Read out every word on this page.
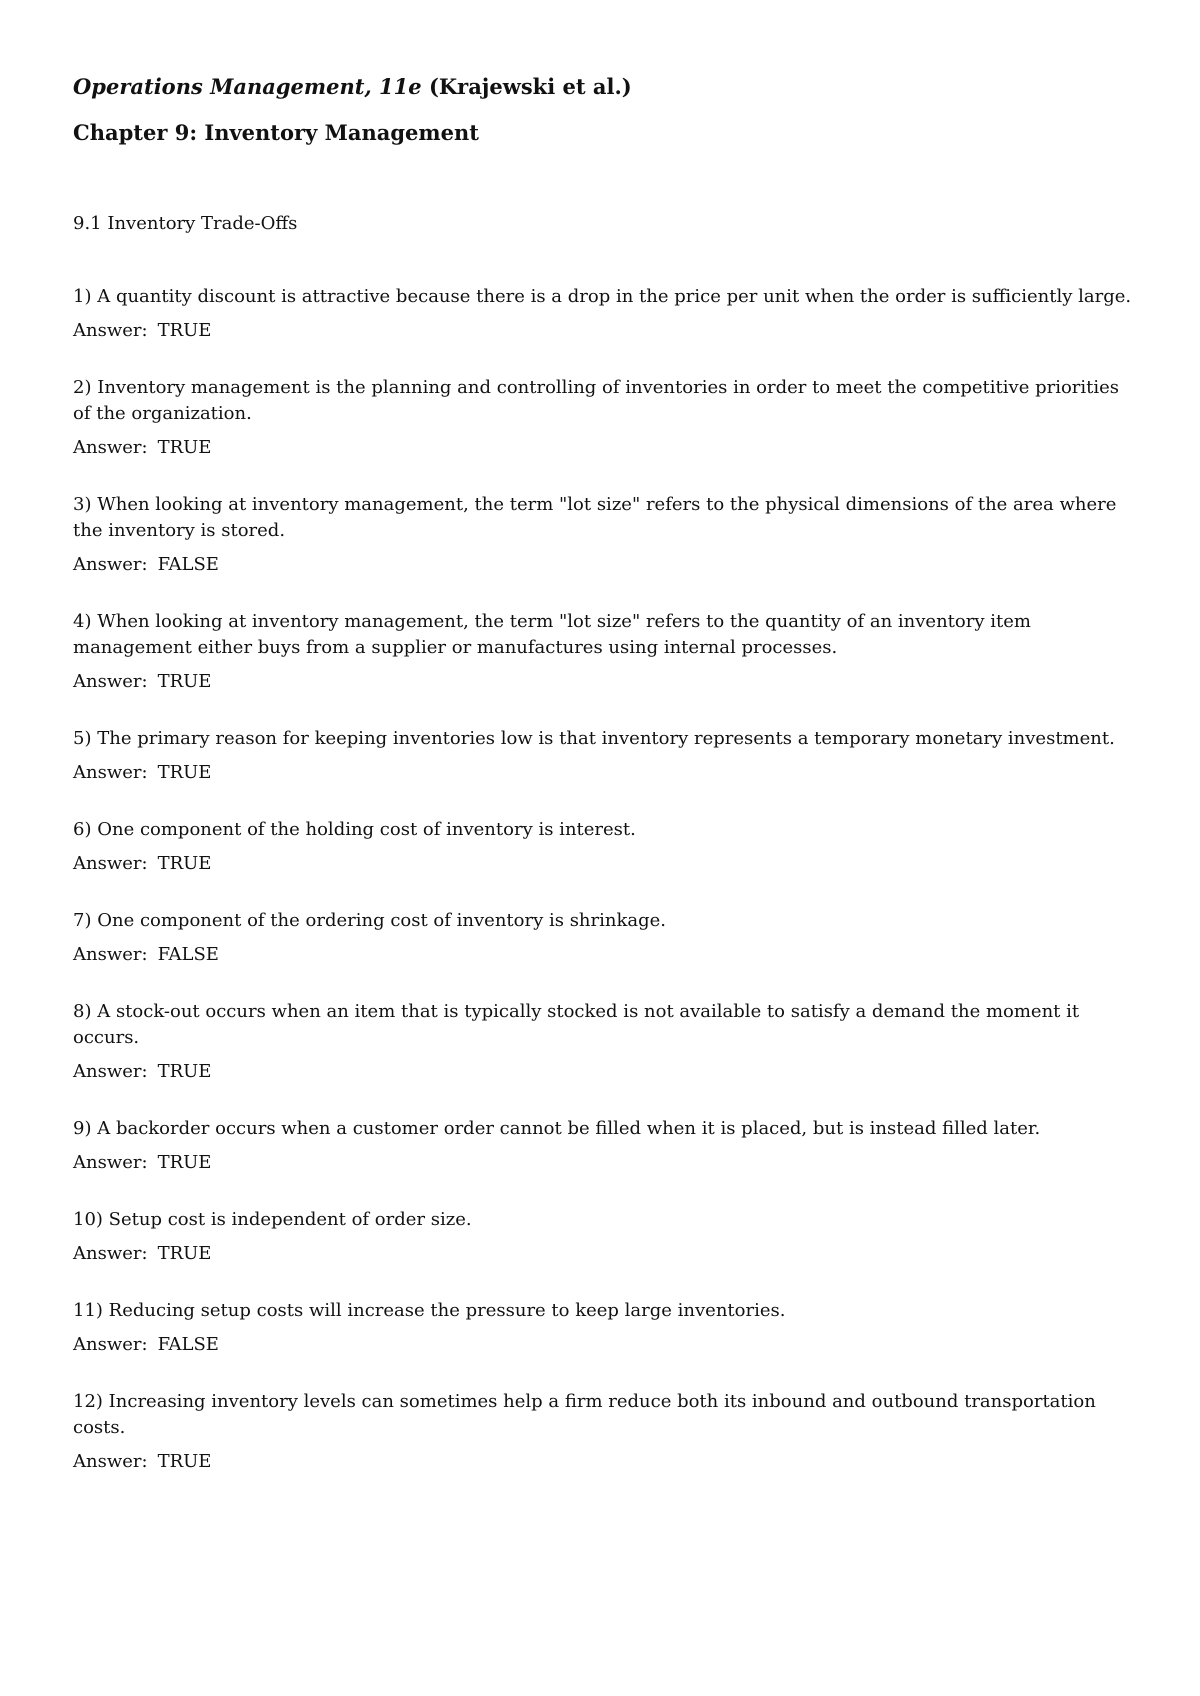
Operations Management, 11e (Krajewski et al.)

Chapter 9: Inventory Management

9.1 Inventory Trade-Offs

1) A quantity discount is attractive because there is a drop in the price per unit when the order is sufficiently large.

Answer: TRUE

2) Inventory management is the planning and controlling of inventories in order to meet the competitive priorities of the organization.

Answer: TRUE

3) When looking at inventory management, the term "lot size" refers to the physical dimensions of the area where the inventory is stored.

Answer: FALSE

4) When looking at inventory management, the term "lot size" refers to the quantity of an inventory item management either buys from a supplier or manufactures using internal processes.

Answer: TRUE

5) The primary reason for keeping inventories low is that inventory represents a temporary monetary investment.

Answer: TRUE

6) One component of the holding cost of inventory is interest.

Answer: TRUE

7) One component of the ordering cost of inventory is shrinkage.

Answer: FALSE

8) A stock-out occurs when an item that is typically stocked is not available to satisfy a demand the moment it occurs.

Answer: TRUE

9) A backorder occurs when a customer order cannot be filled when it is placed, but is instead filled later.

Answer: TRUE

10) Setup cost is independent of order size.

Answer: TRUE

11) Reducing setup costs will increase the pressure to keep large inventories.

Answer: FALSE

12) Increasing inventory levels can sometimes help a firm reduce both its inbound and outbound transportation costs.

Answer: TRUE
